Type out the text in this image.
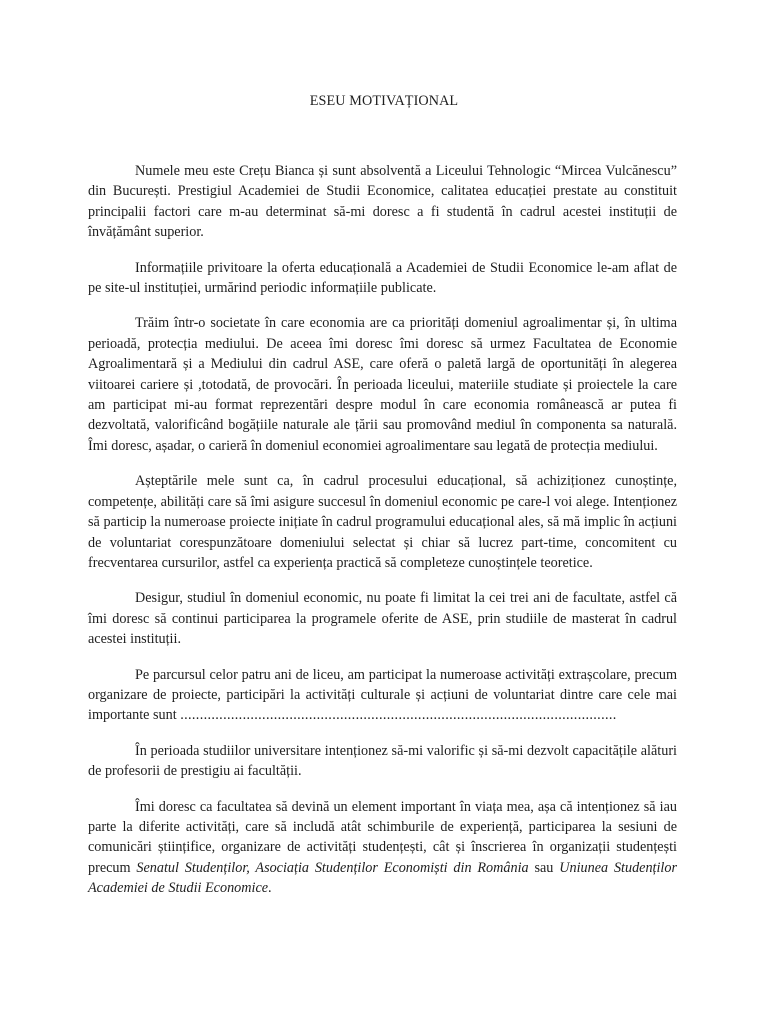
ESEU MOTIVAȚIONAL

Numele meu este Crețu Bianca și sunt absolventă a Liceului Tehnologic “Mircea Vulcănescu” din București. Prestigiul Academiei de Studii Economice, calitatea educației prestate au constituit principalii factori care m-au determinat să-mi doresc a fi studentă în cadrul acestei instituții de învățământ superior.

Informațiile privitoare la oferta educațională a Academiei de Studii Economice le-am aflat de pe site-ul instituției, urmărind periodic informațiile publicate.

Trăim într-o societate în care economia are ca priorități domeniul agroalimentar și, în ultima perioadă, protecția mediului. De aceea îmi doresc îmi doresc să urmez Facultatea de Economie Agroalimentară și a Mediului din cadrul ASE, care oferă o paletă largă de oportunități în alegerea viitoarei cariere și ,totodată, de provocări. În perioada liceului, materiile studiate și proiectele la care am participat mi-au format reprezentări despre modul în care economia românească ar putea fi dezvoltată, valorificând bogățiile naturale ale țării sau promovând mediul în componenta sa naturală. Îmi doresc, așadar, o carieră în domeniul economiei agroalimentare sau legată de protecția mediului.

Așteptările mele sunt ca, în cadrul procesului educațional, să achiziționez cunoștințe, competențe, abilități care să îmi asigure succesul în domeniul economic pe care-l voi alege. Intenționez să particip la numeroase proiecte inițiate în cadrul programului educațional ales, să mă implic în acțiuni de voluntariat corespunzătoare domeniului selectat și chiar să lucrez part-time, concomitent cu frecventarea cursurilor, astfel ca experiența practică să completeze cunoștințele teoretice.

Desigur, studiul în domeniul economic, nu poate fi limitat la cei trei ani de facultate, astfel că îmi doresc să continui participarea la programele oferite de ASE, prin studiile de masterat în cadrul acestei instituții.

Pe parcursul celor patru ani de liceu, am participat la numeroase activități extrașcolare, precum organizare de proiecte, participări la activități culturale și acțiuni de voluntariat dintre care cele mai importante sunt ................................................................................................................

În perioada studiilor universitare intenționez să-mi valorific și să-mi dezvolt capacitățile alături de profesorii de prestigiu ai facultății.

Îmi doresc ca facultatea să devină un element important în viața mea, așa că intenționez să iau parte la diferite activități, care să includă atât schimburile de experiență, participarea la sesiuni de comunicări științifice, organizare de activități studențești, cât și înscrierea în organizații studențești precum Senatul Studenților, Asociația Studenților Economiști din România sau Uniunea Studenților Academiei de Studii Economice.
